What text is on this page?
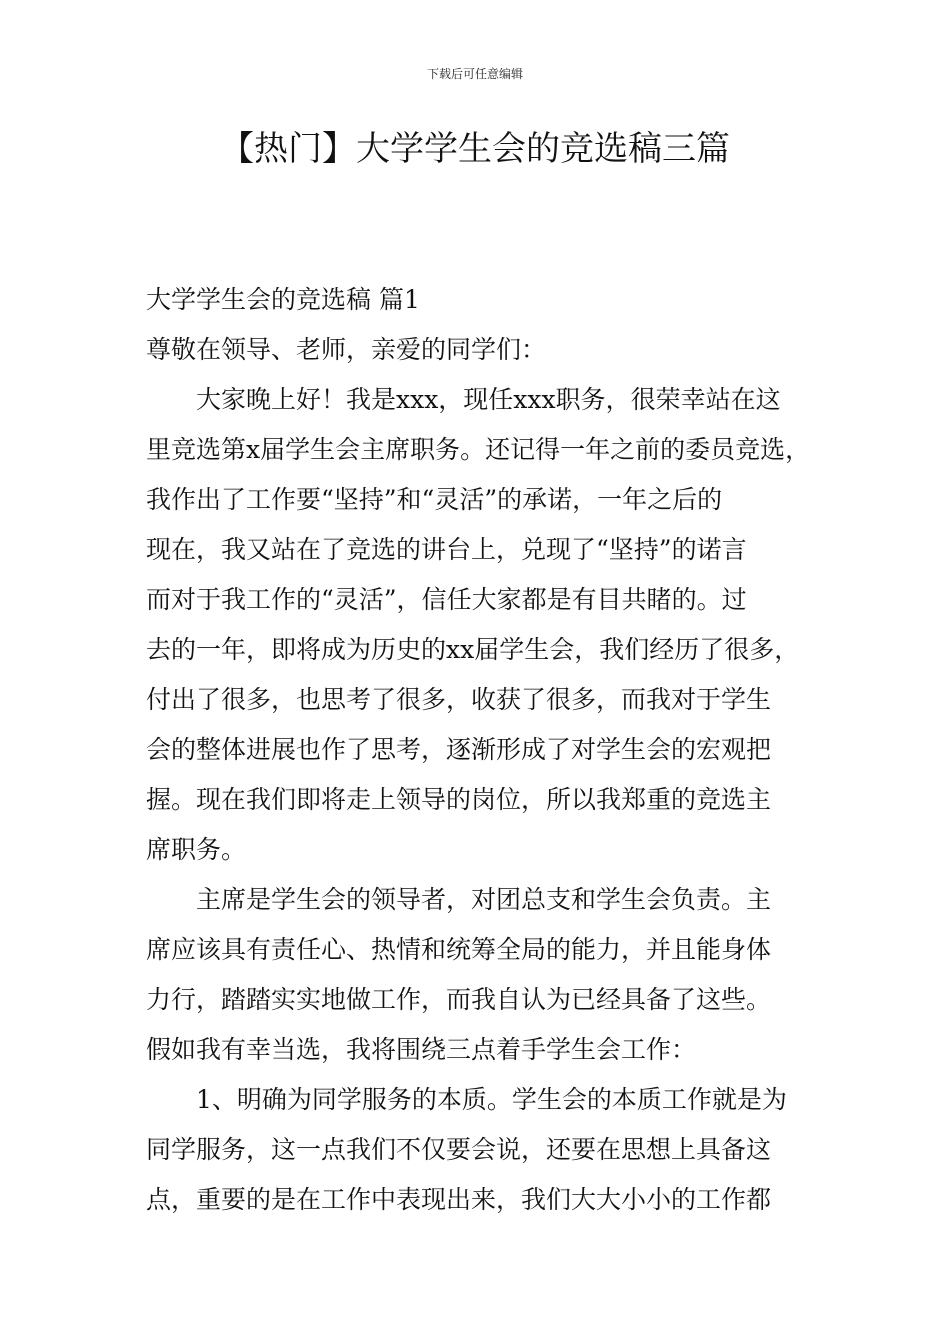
下载后可任意编辑
【热门】大学学生会的竞选稿三篇

大学学生会的竞选稿 篇1

尊敬在领导、老师，亲爱的同学们：

大家晚上好！我是xxx，现任xxx职务，很荣幸站在这

里竞选第x届学生会主席职务。还记得一年之前的委员竞选，

我作出了工作要“坚持”和“灵活”的承诺，一年之后的

现在，我又站在了竞选的讲台上，兑现了“坚持”的诺言

而对于我工作的“灵活”，信任大家都是有目共睹的。过

去的一年，即将成为历史的xx届学生会，我们经历了很多，

付出了很多，也思考了很多，收获了很多，而我对于学生

会的整体进展也作了思考，逐渐形成了对学生会的宏观把

握。现在我们即将走上领导的岗位，所以我郑重的竞选主

席职务。

主席是学生会的领导者，对团总支和学生会负责。主

席应该具有责任心、热情和统筹全局的能力，并且能身体

力行，踏踏实实地做工作，而我自认为已经具备了这些。

假如我有幸当选，我将围绕三点着手学生会工作：

1、明确为同学服务的本质。学生会的本质工作就是为

同学服务，这一点我们不仅要会说，还要在思想上具备这

点，重要的是在工作中表现出来，我们大大小小的工作都
